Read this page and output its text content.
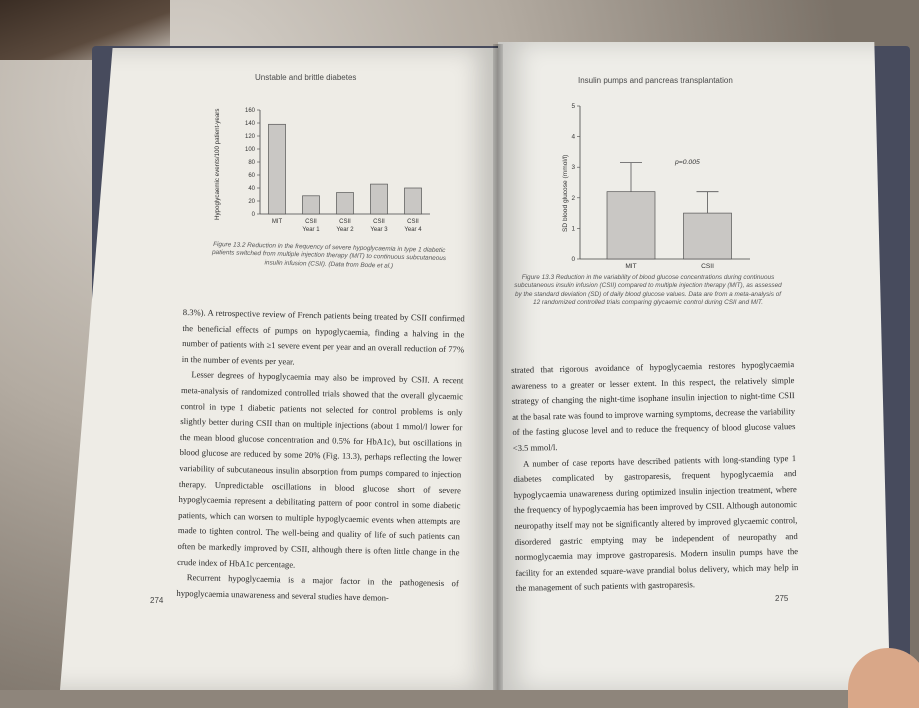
Unstable and brittle diabetes
160
140
120
100
80
60
40
20
0
MIT	CSII
Year 1
CSII
Year 2
CSII
Year 3
CSII
Year 4
Hypoglycaemic events/100 patient-years
Figure 13.2 Reduction in the frequency of severe hypoglycaemia in type 1 diabetic patients switched from multiple injection therapy (MIT) to continuous subcutaneous insulin infusion (CSII). (Data from Bode et al.)

8.3%). A retrospective review of French patients being treated by CSII confirmed the beneficial effects of pumps on hypoglycaemia, finding a halving in the number of patients with ≥1 severe event per year and an overall reduction of 77% in the number of events per year.

Lesser degrees of hypoglycaemia may also be improved by CSII. A recent meta-analysis of randomized controlled trials showed that the overall glycaemic control in type 1 diabetic patients not selected for control problems is only slightly better during CSII than on multiple injections (about 1 mmol/l lower for the mean blood glucose concentration and 0.5% for HbA1c), but oscillations in blood glucose are reduced by some 20% (Fig. 13.3), perhaps reflecting the lower variability of subcutaneous insulin absorption from pumps compared to injection therapy. Unpredictable oscillations in blood glucose short of severe hypoglycaemia represent a debilitating pattern of poor control in some diabetic patients, which can worsen to multiple hypoglycaemic events when attempts are made to tighten control. The well-being and quality of life of such patients can often be markedly improved by CSII, although there is often little change in the crude index of HbA1c percentage.

Recurrent hypoglycaemia is a major factor in the pathogenesis of hypoglycaemia unawareness and several studies have demon-

274
Insulin pumps and pancreas transplantation
5
4
3
2
1
0
MIT	CSII
p=0.005
SD blood glucose (mmol/l)
Figure 13.3 Reduction in the variability of blood glucose concentrations during continuous subcutaneous insulin infusion (CSII) compared to multiple injection therapy (MIT), as assessed by the standard deviation (SD) of daily blood glucose values. Data are from a meta-analysis of 12 randomized controlled trials comparing glycaemic control during CSII and MIT.

strated that rigorous avoidance of hypoglycaemia restores hypoglycaemia awareness to a greater or lesser extent. In this respect, the relatively simple strategy of changing the night-time isophane insulin injection to night-time CSII at the basal rate was found to improve warning symptoms, decrease the variability of the fasting glucose level and to reduce the frequency of blood glucose values <3.5 mmol/l.

A number of case reports have described patients with long-standing type 1 diabetes complicated by gastroparesis, frequent hypoglycaemia and hypoglycaemia unawareness during optimized insulin injection treatment, where the frequency of hypoglycaemia has been improved by CSII. Although autonomic neuropathy itself may not be significantly altered by improved glycaemic control, disordered gastric emptying may be independent of neuropathy and normoglycaemia may improve gastroparesis. Modern insulin pumps have the facility for an extended square-wave prandial bolus delivery, which may help in the management of such patients with gastroparesis.

275
